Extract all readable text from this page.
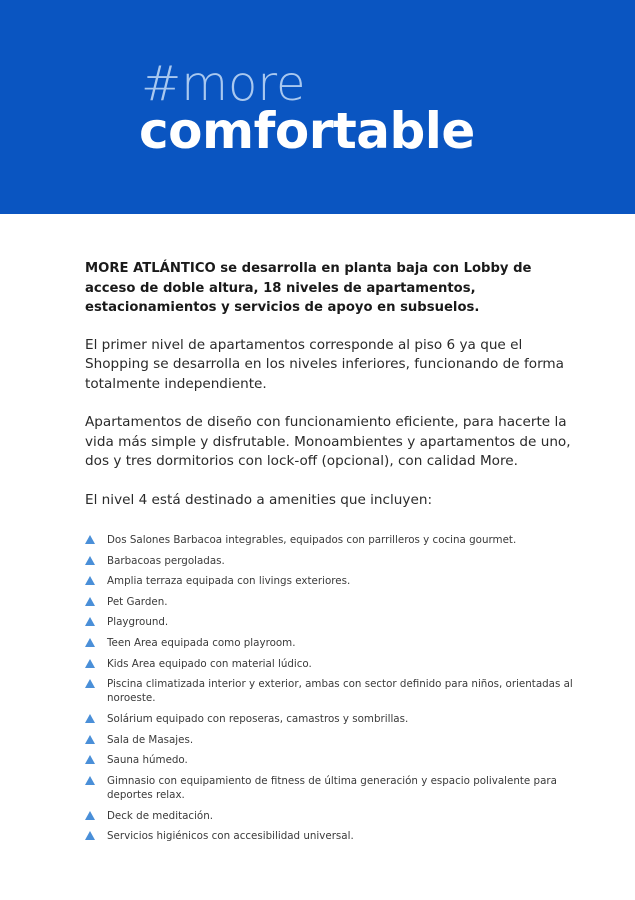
#more
comfortable

MORE ATLÁNTICO se desarrolla en planta baja con Lobby de acceso de doble altura, 18 niveles de apartamentos, estacionamientos y servicios de apoyo en subsuelos.

El primer nivel de apartamentos corresponde al piso 6 ya que el Shopping se desarrolla en los niveles inferiores, funcionando de forma totalmente independiente.

Apartamentos de diseño con funcionamiento eficiente, para hacerte la vida más simple y disfrutable. Monoambientes y apartamentos de uno, dos y tres dormitorios con lock-off (opcional), con calidad More.

El nivel 4 está destinado a amenities que incluyen:

Dos Salones Barbacoa integrables, equipados con parrilleros y cocina gourmet.
Barbacoas pergoladas.
Amplia terraza equipada con livings exteriores.
Pet Garden.
Playground.
Teen Area equipada como playroom.
Kids Area equipado con material lúdico.
Piscina climatizada interior y exterior, ambas con sector definido para niños, orientadas al noroeste.
Solárium equipado con reposeras, camastros y sombrillas.
Sala de Masajes.
Sauna húmedo.
Gimnasio con equipamiento de fitness de última generación y espacio polivalente para deportes relax.
Deck de meditación.
Servicios higiénicos con accesibilidad universal.
